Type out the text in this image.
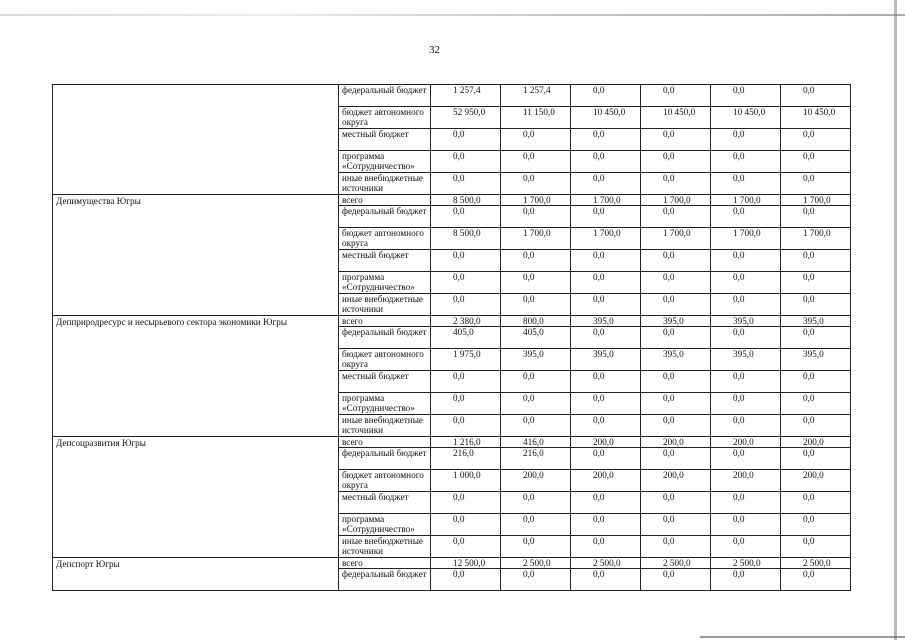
32
	федеральный бюджет	1 257,4	1 257,4	0,0	0,0	0,0	0,0
	бюджет автономного округа	52 950,0	11 150,0	10 450,0	10 450,0	10 450,0	10 450,0
	местный бюджет	0,0	0,0	0,0	0,0	0,0	0,0
	программа «Сотрудничество»	0,0	0,0	0,0	0,0	0,0	0,0
	иные внебюджетные источники	0,0	0,0	0,0	0,0	0,0	0,0
Депимущества Югры	всего	8 500,0	1 700,0	1 700,0	1 700,0	1 700,0	1 700,0
	федеральный бюджет	0,0	0,0	0,0	0,0	0,0	0,0
	бюджет автономного округа	8 500,0	1 700,0	1 700,0	1 700,0	1 700,0	1 700,0
	местный бюджет	0,0	0,0	0,0	0,0	0,0	0,0
	программа «Сотрудничество»	0,0	0,0	0,0	0,0	0,0	0,0
	иные внебюджетные источники	0,0	0,0	0,0	0,0	0,0	0,0
Депприродресурс и несырьевого сектора экономики Югры	всего	2 380,0	800,0	395,0	395,0	395,0	395,0
	федеральный бюджет	405,0	405,0	0,0	0,0	0,0	0,0
	бюджет автономного округа	1 975,0	395,0	395,0	395,0	395,0	395,0
	местный бюджет	0,0	0,0	0,0	0,0	0,0	0,0
	программа «Сотрудничество»	0,0	0,0	0,0	0,0	0,0	0,0
	иные внебюджетные источники	0,0	0,0	0,0	0,0	0,0	0,0
Депсоцразвития Югры	всего	1 216,0	416,0	200,0	200,0	200,0	200,0
	федеральный бюджет	216,0	216,0	0,0	0,0	0,0	0,0
	бюджет автономного округа	1 000,0	200,0	200,0	200,0	200,0	200,0
	местный бюджет	0,0	0,0	0,0	0,0	0,0	0,0
	программа «Сотрудничество»	0,0	0,0	0,0	0,0	0,0	0,0
	иные внебюджетные источники	0,0	0,0	0,0	0,0	0,0	0,0
Депспорт Югры	всего	12 500,0	2 500,0	2 500,0	2 500,0	2 500,0	2 500,0
	федеральный бюджет	0,0	0,0	0,0	0,0	0,0	0,0
